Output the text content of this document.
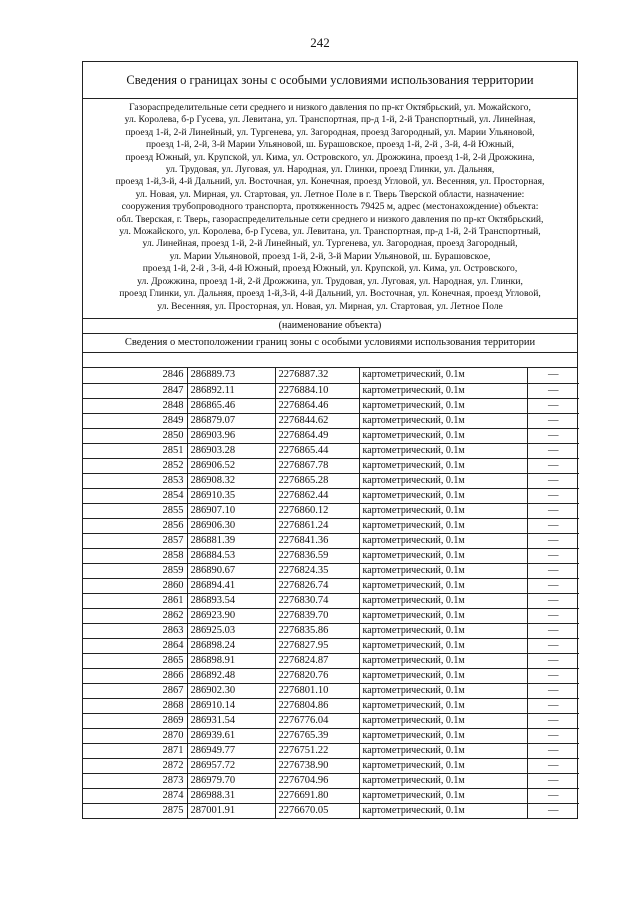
242
Сведения о границах зоны с особыми условиями использования территории
Газораспределительные сети среднего и низкого давления по пр-кт Октябрьский, ул. Можайского,
ул. Королева, б-р Гусева, ул. Левитана, ул. Транспортная, пр-д 1-й, 2-й Транспортный, ул. Линейная,
проезд 1-й, 2-й Линейный, ул. Тургенева, ул. Загородная, проезд Загородный, ул. Марии Ульяновой,
проезд 1-й, 2-й, 3-й Марии Ульяновой, ш. Бурашовское, проезд 1-й, 2-й , 3-й, 4-й Южный,
проезд Южный, ул. Крупской, ул. Кима, ул. Островского, ул. Дрожжина, проезд 1-й, 2-й Дрожжина,
ул. Трудовая, ул. Луговая, ул. Народная, ул. Глинки, проезд Глинки, ул. Дальняя,
проезд 1-й,3-й, 4-й Дальний, ул. Восточная, ул. Конечная, проезд Угловой, ул. Весенняя, ул. Просторная,
ул. Новая, ул. Мирная, ул. Стартовая, ул. Летное Поле в г. Тверь Тверской области, назначение:
сооружения трубопроводного транспорта, протяженность 79425 м, адрес (местонахождение) объекта:
обл. Тверская, г. Тверь, газораспределительные сети среднего и низкого давления по пр-кт Октябрьский,
ул. Можайского, ул. Королева, б-р Гусева, ул. Левитана, ул. Транспортная, пр-д 1-й, 2-й Транспортный,
ул. Линейная, проезд 1-й, 2-й Линейный, ул. Тургенева, ул. Загородная, проезд Загородный,
ул. Марии Ульяновой, проезд 1-й, 2-й, 3-й Марии Ульяновой, ш. Бурашовское,
проезд 1-й, 2-й , 3-й, 4-й Южный, проезд Южный, ул. Крупской, ул. Кима, ул. Островского,
ул. Дрожжина, проезд 1-й, 2-й Дрожжина, ул. Трудовая, ул. Луговая, ул. Народная, ул. Глинки,
проезд Глинки, ул. Дальняя, проезд 1-й,3-й, 4-й Дальний, ул. Восточная, ул. Конечная, проезд Угловой,
ул. Весенняя, ул. Просторная, ул. Новая, ул. Мирная, ул. Стартовая, ул. Летное Поле
(наименование объекта)
Сведения о местоположении границ зоны с особыми условиями использования территории
2846	286889.73	2276887.32	картометрический, 0.1м	—
2847	286892.11	2276884.10	картометрический, 0.1м	—
2848	286865.46	2276864.46	картометрический, 0.1м	—
2849	286879.07	2276844.62	картометрический, 0.1м	—
2850	286903.96	2276864.49	картометрический, 0.1м	—
2851	286903.28	2276865.44	картометрический, 0.1м	—
2852	286906.52	2276867.78	картометрический, 0.1м	—
2853	286908.32	2276865.28	картометрический, 0.1м	—
2854	286910.35	2276862.44	картометрический, 0.1м	—
2855	286907.10	2276860.12	картометрический, 0.1м	—
2856	286906.30	2276861.24	картометрический, 0.1м	—
2857	286881.39	2276841.36	картометрический, 0.1м	—
2858	286884.53	2276836.59	картометрический, 0.1м	—
2859	286890.67	2276824.35	картометрический, 0.1м	—
2860	286894.41	2276826.74	картометрический, 0.1м	—
2861	286893.54	2276830.74	картометрический, 0.1м	—
2862	286923.90	2276839.70	картометрический, 0.1м	—
2863	286925.03	2276835.86	картометрический, 0.1м	—
2864	286898.24	2276827.95	картометрический, 0.1м	—
2865	286898.91	2276824.87	картометрический, 0.1м	—
2866	286892.48	2276820.76	картометрический, 0.1м	—
2867	286902.30	2276801.10	картометрический, 0.1м	—
2868	286910.14	2276804.86	картометрический, 0.1м	—
2869	286931.54	2276776.04	картометрический, 0.1м	—
2870	286939.61	2276765.39	картометрический, 0.1м	—
2871	286949.77	2276751.22	картометрический, 0.1м	—
2872	286957.72	2276738.90	картометрический, 0.1м	—
2873	286979.70	2276704.96	картометрический, 0.1м	—
2874	286988.31	2276691.80	картометрический, 0.1м	—
2875	287001.91	2276670.05	картометрический, 0.1м	—
